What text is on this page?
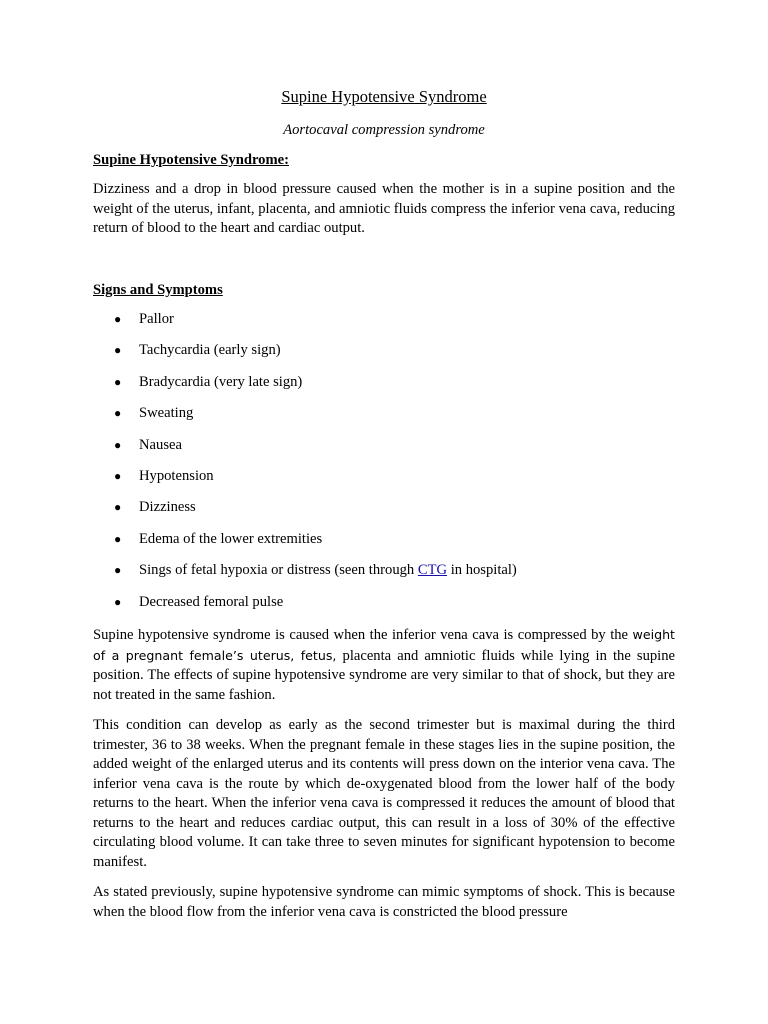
Supine Hypotensive Syndrome
Aortocaval compression syndrome
Supine Hypotensive Syndrome:
Dizziness and a drop in blood pressure caused when the mother is in a supine position and the weight of the uterus, infant, placenta, and amniotic fluids compress the inferior vena cava, reducing return of blood to the heart and cardiac output.
Signs and Symptoms
● Pallor
● Tachycardia (early sign)
● Bradycardia (very late sign)
● Sweating
● Nausea
● Hypotension
● Dizziness
● Edema of the lower extremities
● Sings of fetal hypoxia or distress (seen through CTG in hospital)
● Decreased femoral pulse
Supine hypotensive syndrome is caused when the inferior vena cava is compressed by the weight of a pregnant female’s uterus, fetus, placenta and amniotic fluids while lying in the supine position. The effects of supine hypotensive syndrome are very similar to that of shock, but they are not treated in the same fashion.
This condition can develop as early as the second trimester but is maximal during the third trimester, 36 to 38 weeks. When the pregnant female in these stages lies in the supine position, the added weight of the enlarged uterus and its contents will press down on the interior vena cava. The inferior vena cava is the route by which de-oxygenated blood from the lower half of the body returns to the heart. When the inferior vena cava is compressed it reduces the amount of blood that returns to the heart and reduces cardiac output, this can result in a loss of 30% of the effective circulating blood volume. It can take three to seven minutes for significant hypotension to become manifest.
As stated previously, supine hypotensive syndrome can mimic symptoms of shock. This is because when the blood flow from the inferior vena cava is constricted the blood pressure
